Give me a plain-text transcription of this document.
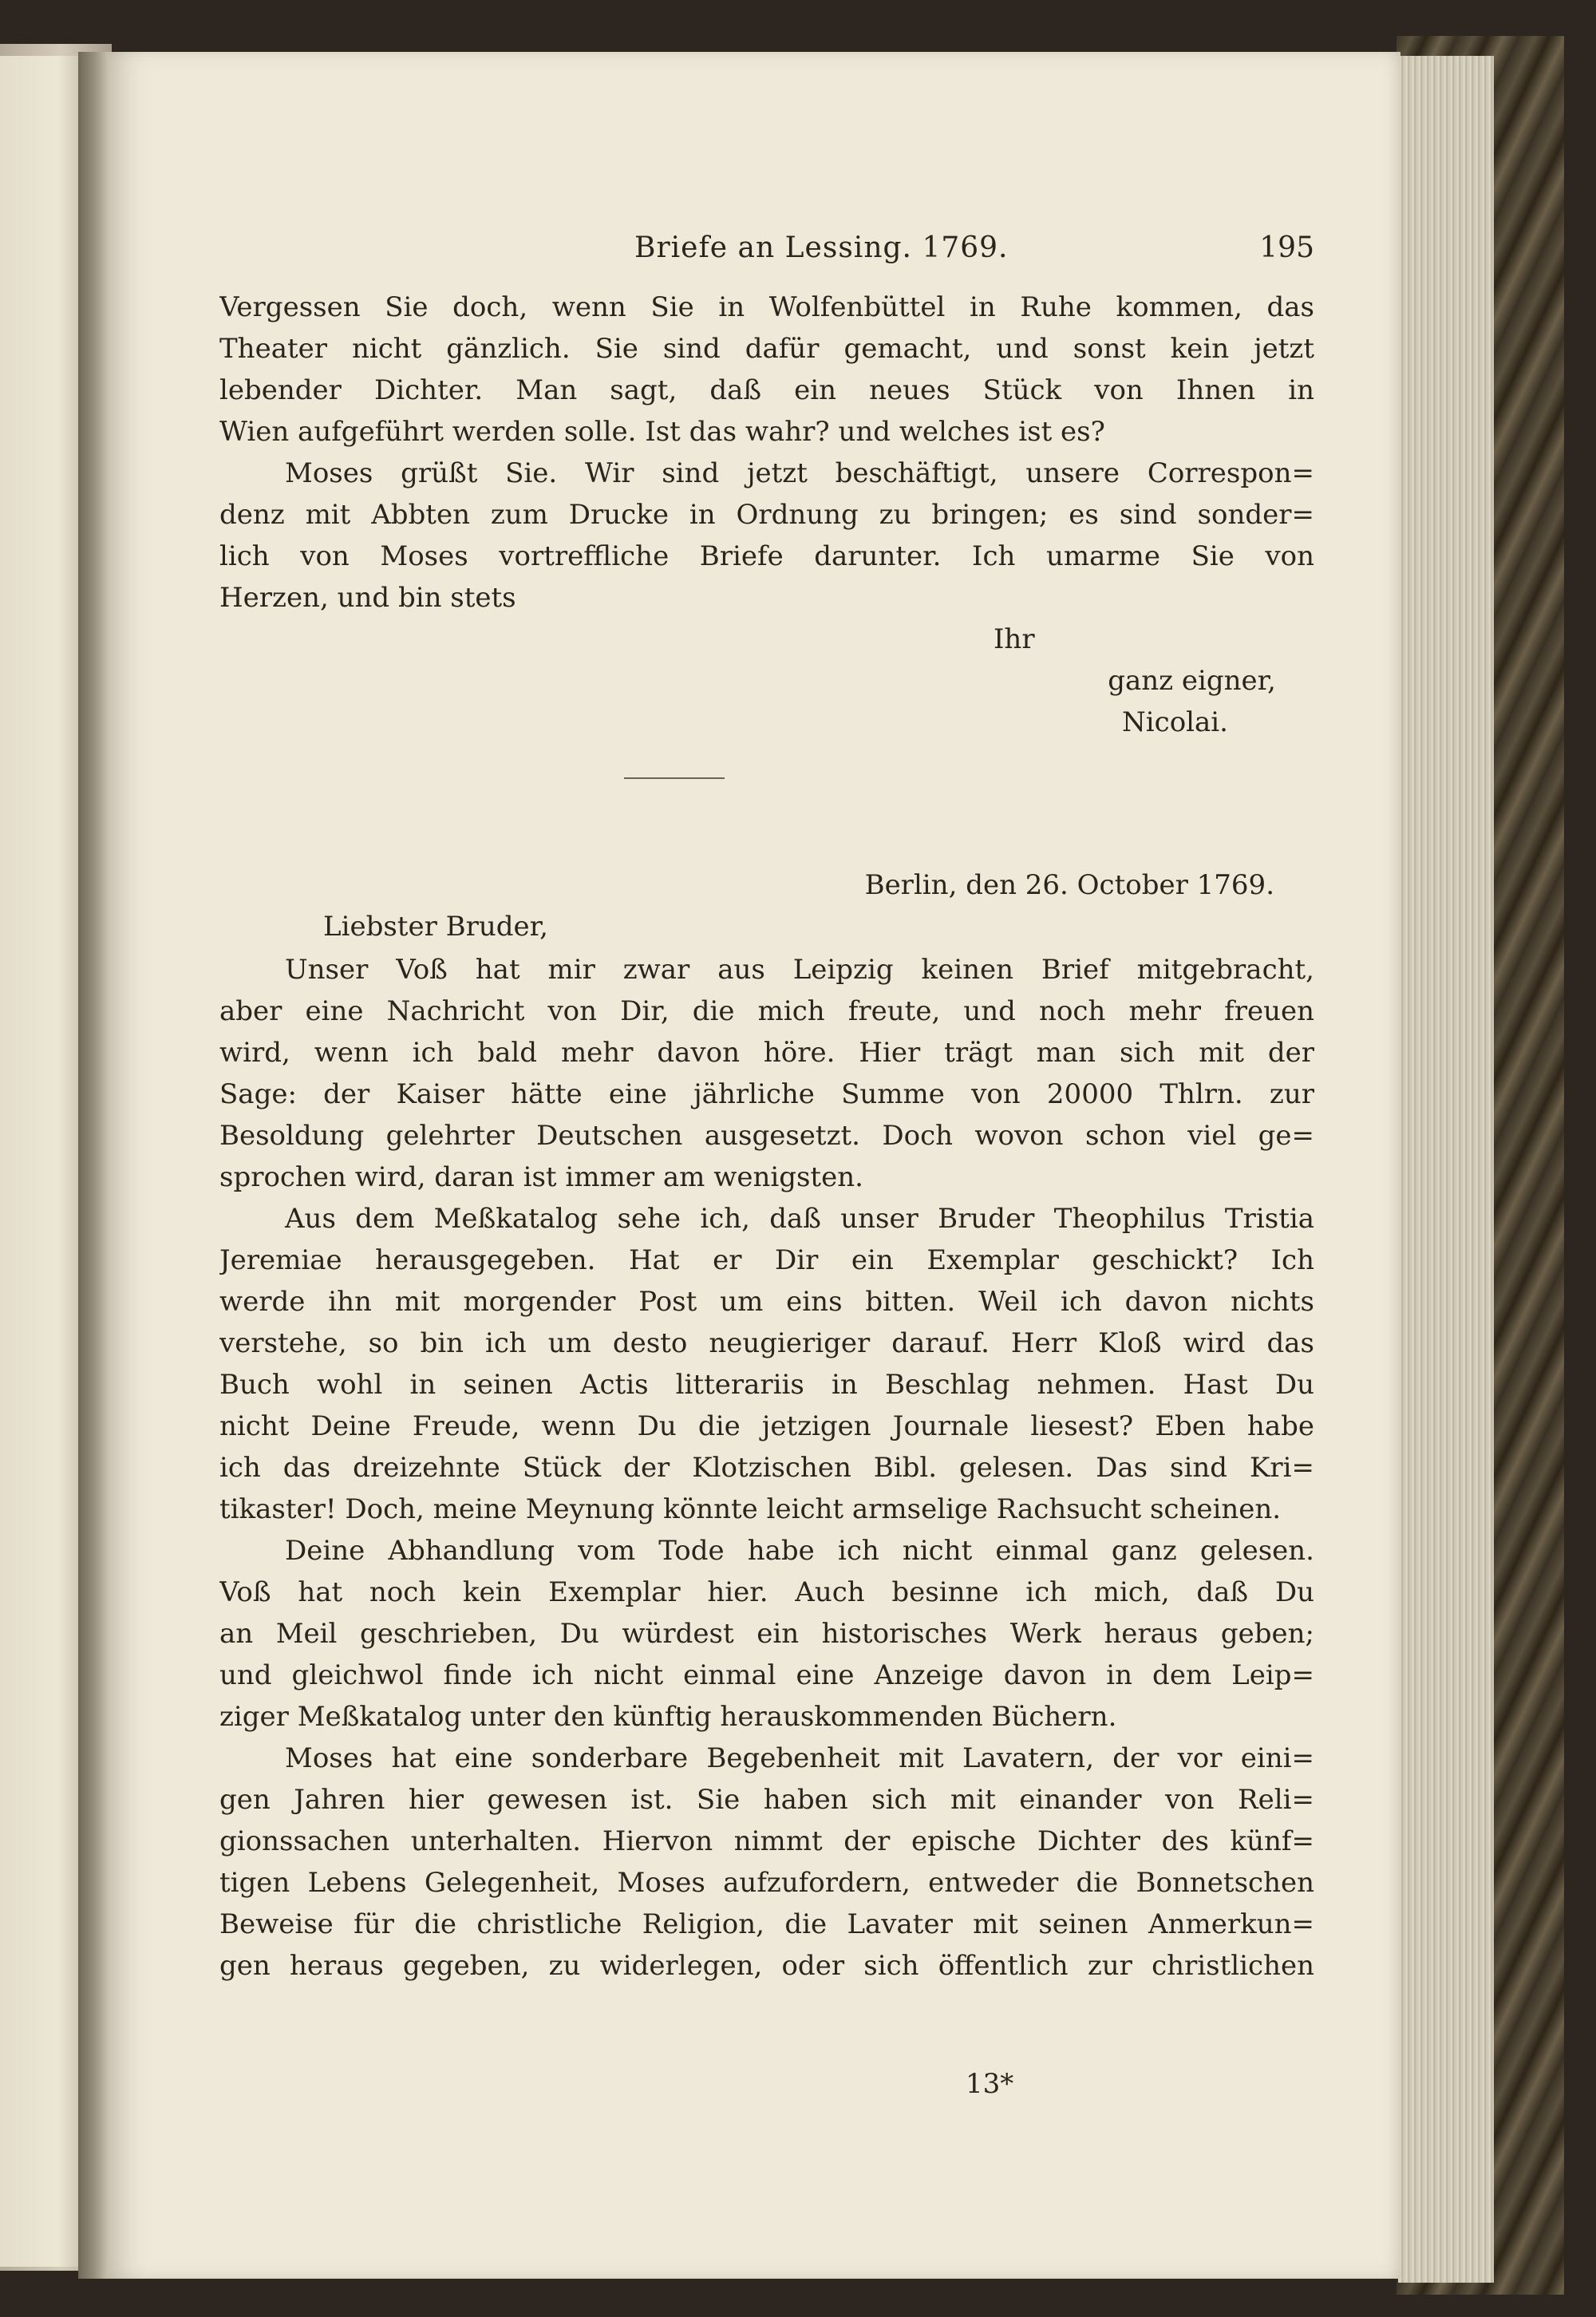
Briefe an Lessing. 1769.	195

Vergessen Sie doch, wenn Sie in Wolfenbüttel in Ruhe kommen, das

Theater nicht gänzlich. Sie sind dafür gemacht, und sonst kein jetzt

lebender Dichter. Man sagt, daß ein neues Stück von Ihnen in

Wien aufgeführt werden solle. Ist das wahr? und welches ist es?

Moses grüßt Sie. Wir sind jetzt beschäftigt, unsere Correspon=

denz mit Abbten zum Drucke in Ordnung zu bringen; es sind sonder=

lich von Moses vortreffliche Briefe darunter. Ich umarme Sie von

Herzen, und bin stets

Ihr
ganz eigner,
Nicolai.
Berlin, den 26. October 1769.
Liebster Bruder,

Unser Voß hat mir zwar aus Leipzig keinen Brief mitgebracht,

aber eine Nachricht von Dir, die mich freute, und noch mehr freuen

wird, wenn ich bald mehr davon höre. Hier trägt man sich mit der

Sage: der Kaiser hätte eine jährliche Summe von 20000 Thlrn. zur

Besoldung gelehrter Deutschen ausgesetzt. Doch wovon schon viel ge=

sprochen wird, daran ist immer am wenigsten.

Aus dem Meßkatalog sehe ich, daß unser Bruder Theophilus Tristia

Jeremiae herausgegeben. Hat er Dir ein Exemplar geschickt? Ich

werde ihn mit morgender Post um eins bitten. Weil ich davon nichts

verstehe, so bin ich um desto neugieriger darauf. Herr Kloß wird das

Buch wohl in seinen Actis litterariis in Beschlag nehmen. Hast Du

nicht Deine Freude, wenn Du die jetzigen Journale liesest? Eben habe

ich das dreizehnte Stück der Klotzischen Bibl. gelesen. Das sind Kri=

tikaster! Doch, meine Meynung könnte leicht armselige Rachsucht scheinen.

Deine Abhandlung vom Tode habe ich nicht einmal ganz gelesen.

Voß hat noch kein Exemplar hier. Auch besinne ich mich, daß Du

an Meil geschrieben, Du würdest ein historisches Werk heraus geben;

und gleichwol finde ich nicht einmal eine Anzeige davon in dem Leip=

ziger Meßkatalog unter den künftig herauskommenden Büchern.

Moses hat eine sonderbare Begebenheit mit Lavatern, der vor eini=

gen Jahren hier gewesen ist. Sie haben sich mit einander von Reli=

gionssachen unterhalten. Hiervon nimmt der epische Dichter des künf=

tigen Lebens Gelegenheit, Moses aufzufordern, entweder die Bonnetschen

Beweise für die christliche Religion, die Lavater mit seinen Anmerkun=

gen heraus gegeben, zu widerlegen, oder sich öffentlich zur christlichen

13*
